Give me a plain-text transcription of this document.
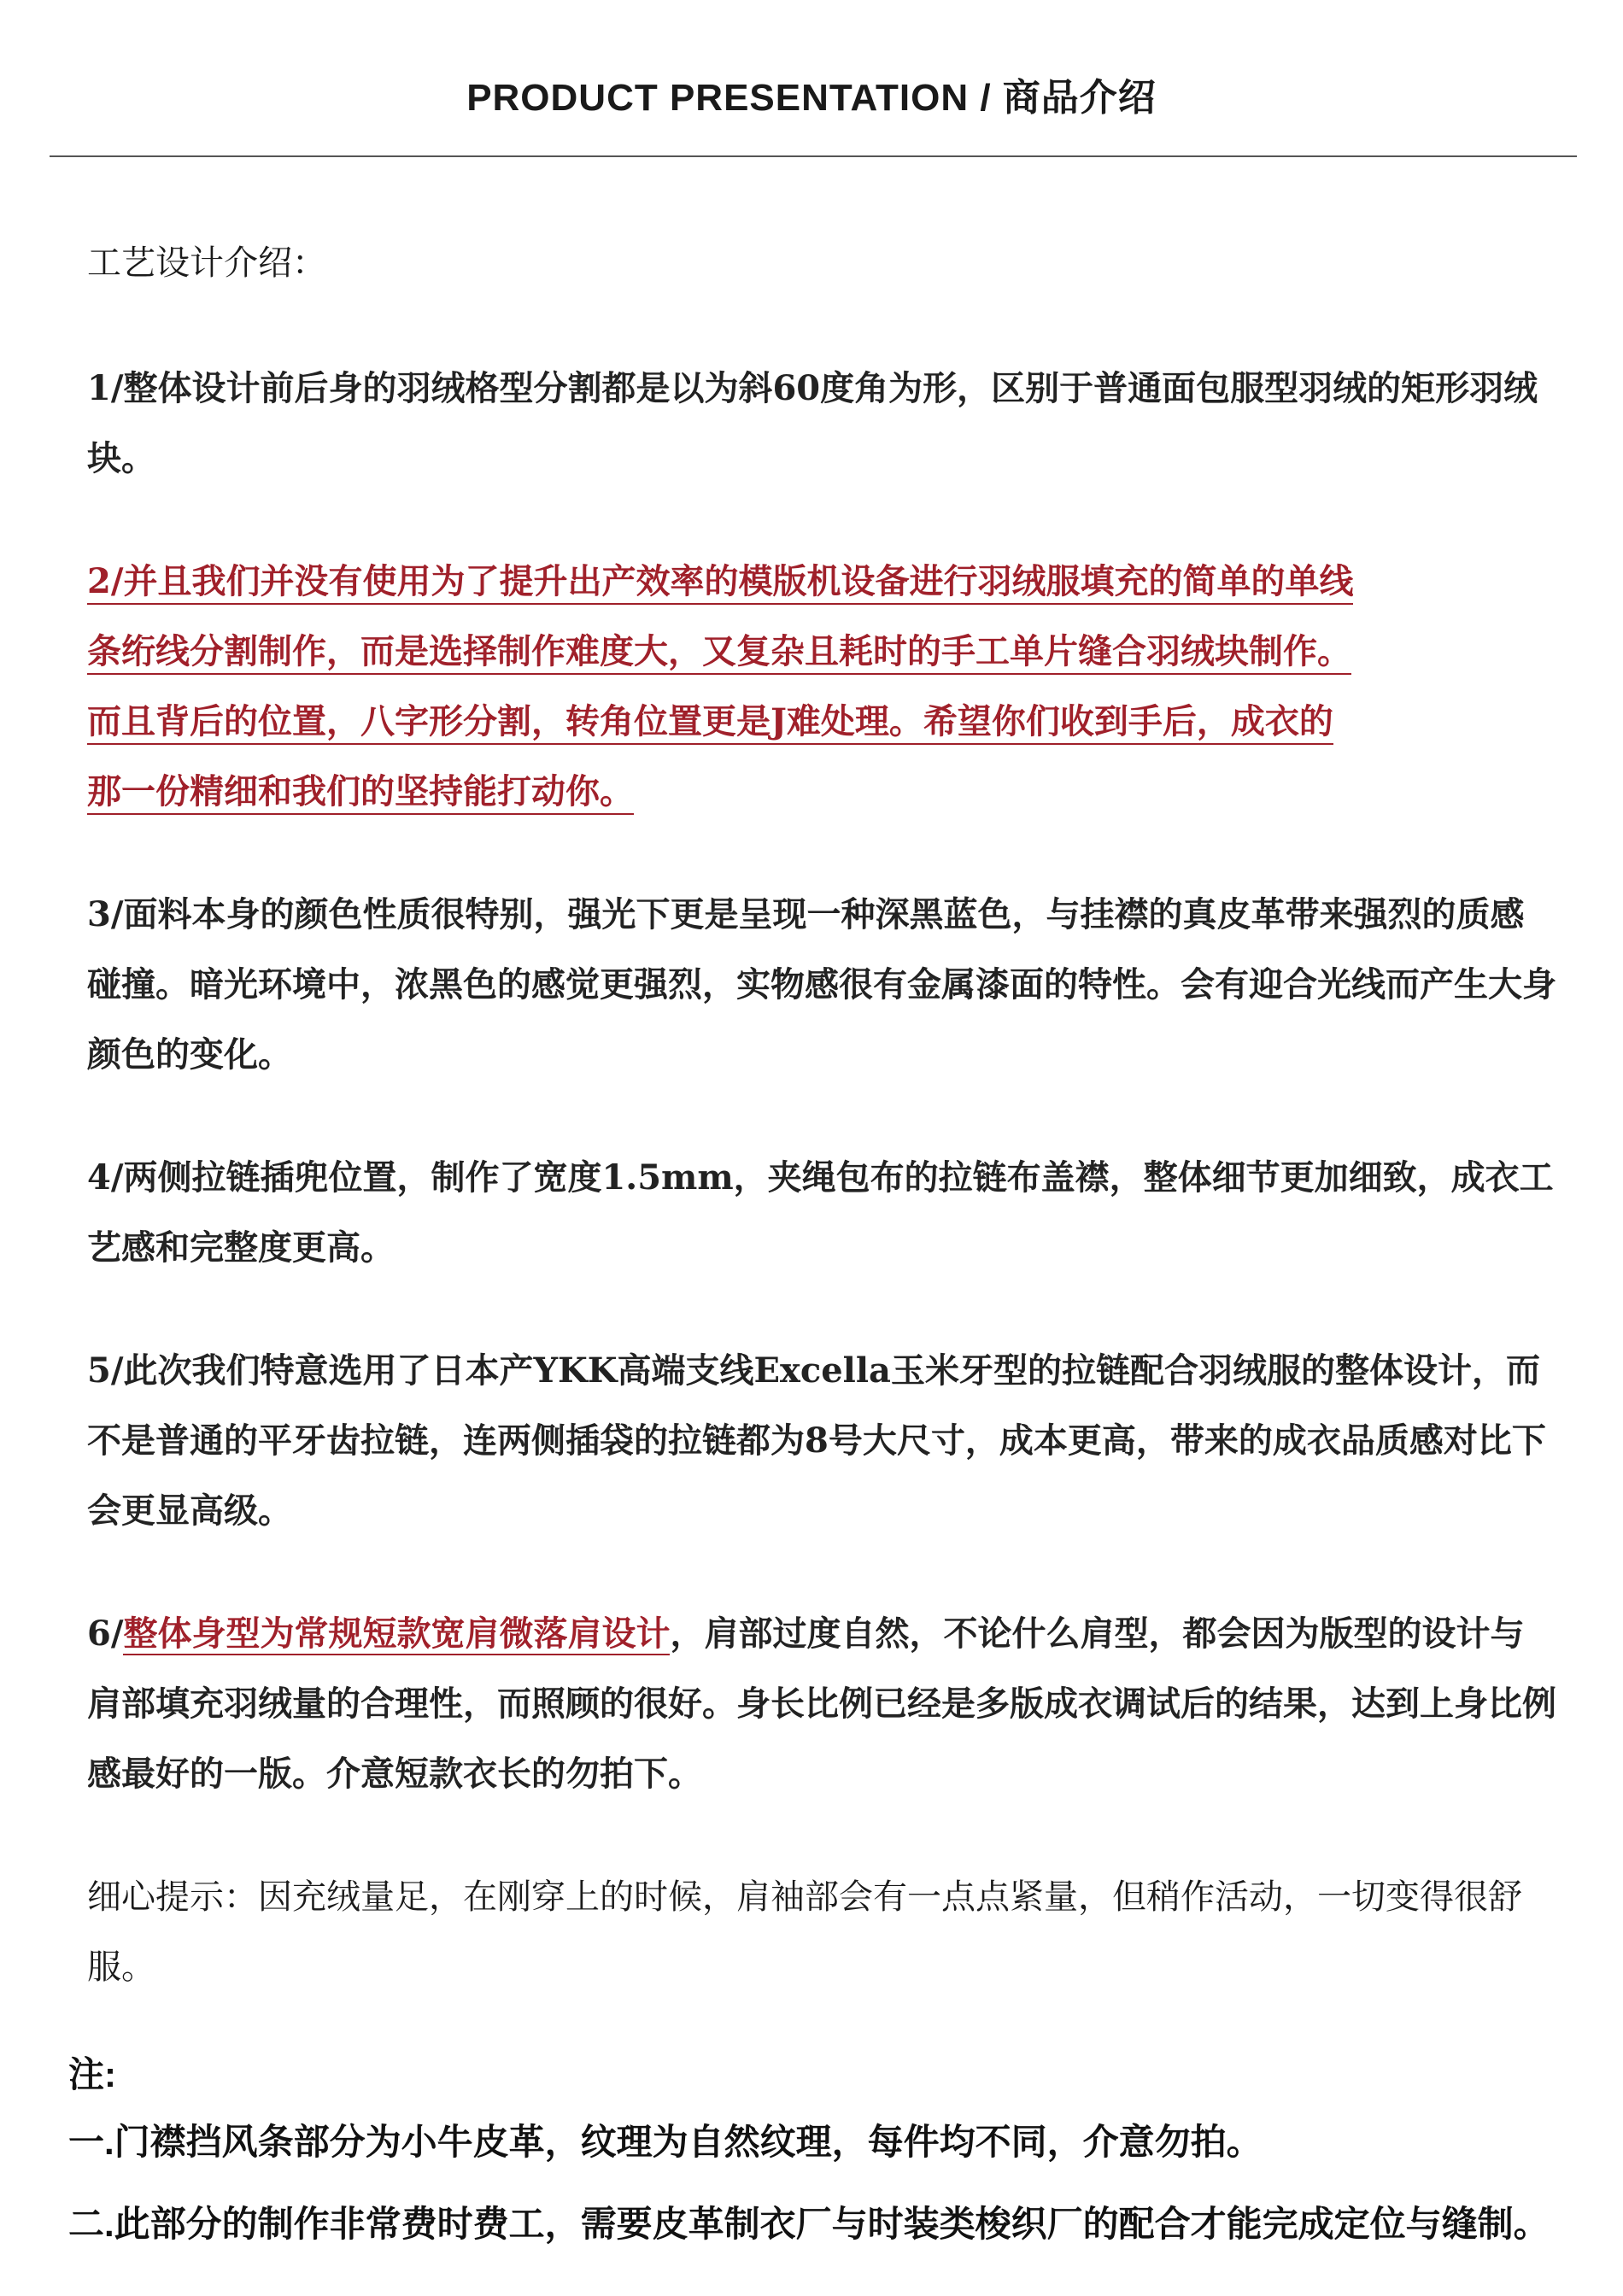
PRODUCT PRESENTATION / 商品介绍
工艺设计介绍：

1/整体设计前后身的羽绒格型分割都是以为斜60度角为形，区别于普通面包服型羽绒的矩形羽绒块。

2/并且我们并没有使用为了提升出产效率的模版机设备进行羽绒服填充的简单的单线
条绗线分割制作，而是选择制作难度大，又复杂且耗时的手工单片缝合羽绒块制作。
而且背后的位置，八字形分割，转角位置更是J难处理。希望你们收到手后，成衣的
那一份精细和我们的坚持能打动你。

3/面料本身的颜色性质很特别，强光下更是呈现一种深黑蓝色，与挂襟的真皮革带来强烈的质感碰撞。暗光环境中，浓黑色的感觉更强烈，实物感很有金属漆面的特性。会有迎合光线而产生大身颜色的变化。

4/两侧拉链插兜位置，制作了宽度1.5mm，夹绳包布的拉链布盖襟，整体细节更加细致，成衣工艺感和完整度更高。

5/此次我们特意选用了日本产YKK高端支线Excella玉米牙型的拉链配合羽绒服的整体设计，而不是普通的平牙齿拉链，连两侧插袋的拉链都为8号大尺寸，成本更高，带来的成衣品质感对比下会更显高级。

6/整体身型为常规短款宽肩微落肩设计，肩部过度自然，不论什么肩型，都会因为版型的设计与肩部填充羽绒量的合理性，而照顾的很好。身长比例已经是多版成衣调试后的结果，达到上身比例感最好的一版。介意短款衣长的勿拍下。

细心提示：因充绒量足，在刚穿上的时候，肩袖部会有一点点紧量，但稍作活动，一切变得很舒服。

注:
一.门襟挡风条部分为小牛皮革，纹理为自然纹理，每件均不同，介意勿拍。
二.此部分的制作非常费时费工，需要皮革制衣厂与时装类梭织厂的配合才能完成定位与缝制。
